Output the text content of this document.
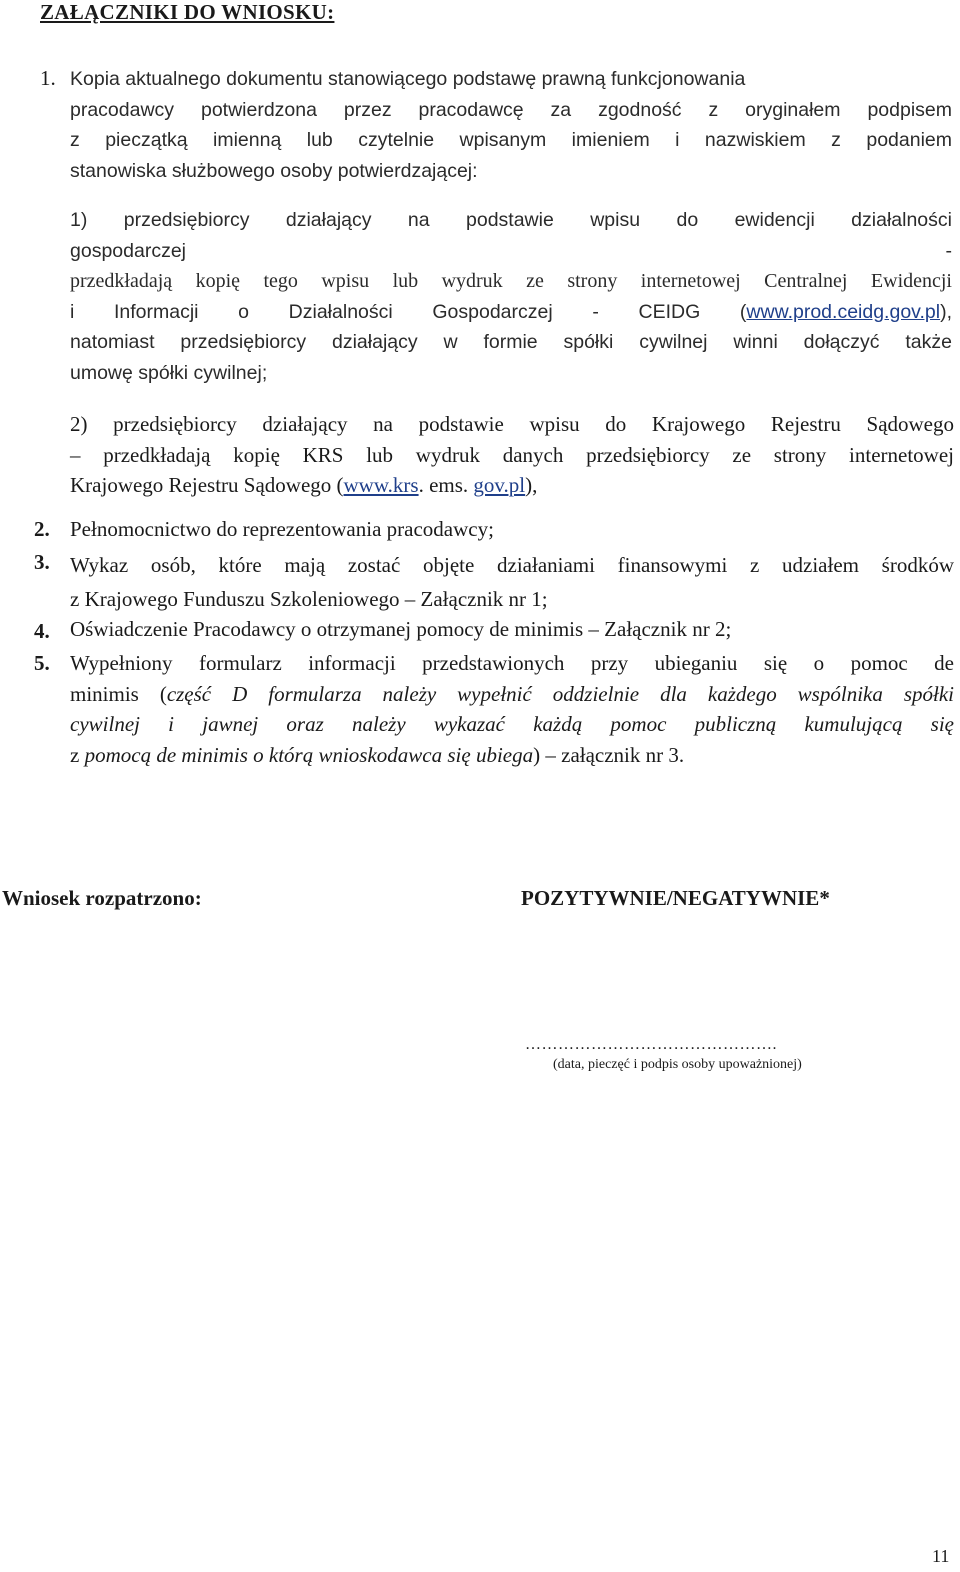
ZAŁĄCZNIKI DO WNIOSKU:
1. Kopia aktualnego dokumentu stanowiącego podstawę prawną funkcjonowania
pracodawcy potwierdzona przez pracodawcę za zgodność z oryginałem podpisem
z pieczątką imienną lub czytelnie wpisanym imieniem i nazwiskiem z podaniem
stanowiska służbowego osoby potwierdzającej:
1) przedsiębiorcy działający na podstawie wpisu do ewidencji działalności
gospodarczej	-
przedkładają kopię tego wpisu lub wydruk ze strony internetowej Centralnej Ewidencji
i Informacji o Działalności Gospodarczej - CEIDG (www.prod.ceidg.gov.pl),
natomiast przedsiębiorcy działający w formie spółki cywilnej winni dołączyć także
umowę spółki cywilnej;
2) przedsiębiorcy działający na podstawie wpisu do Krajowego Rejestru Sądowego
– przedkładają kopię KRS lub wydruk danych przedsiębiorcy ze strony internetowej
Krajowego Rejestru Sądowego (www.krs. ems. gov.pl),
2. Pełnomocnictwo do reprezentowania pracodawcy;
3. Wykaz osób, które mają zostać objęte działaniami finansowymi z udziałem środków
z Krajowego Funduszu Szkoleniowego – Załącznik nr 1;
4. Oświadczenie Pracodawcy o otrzymanej pomocy de minimis – Załącznik nr 2;
5. Wypełniony formularz informacji przedstawionych przy ubieganiu się o pomoc de
minimis (część D formularza należy wypełnić oddzielnie dla każdego wspólnika spółki
cywilnej i jawnej oraz należy wykazać każdą pomoc publiczną kumulującą się
z pomocą de minimis o którą wnioskodawca się ubiega) – załącznik nr 3.
Wniosek rozpatrzono:	POZYTYWNIE/NEGATYWNIE*
……………………………………….
(data, pieczęć i podpis osoby upoważnionej)
11
